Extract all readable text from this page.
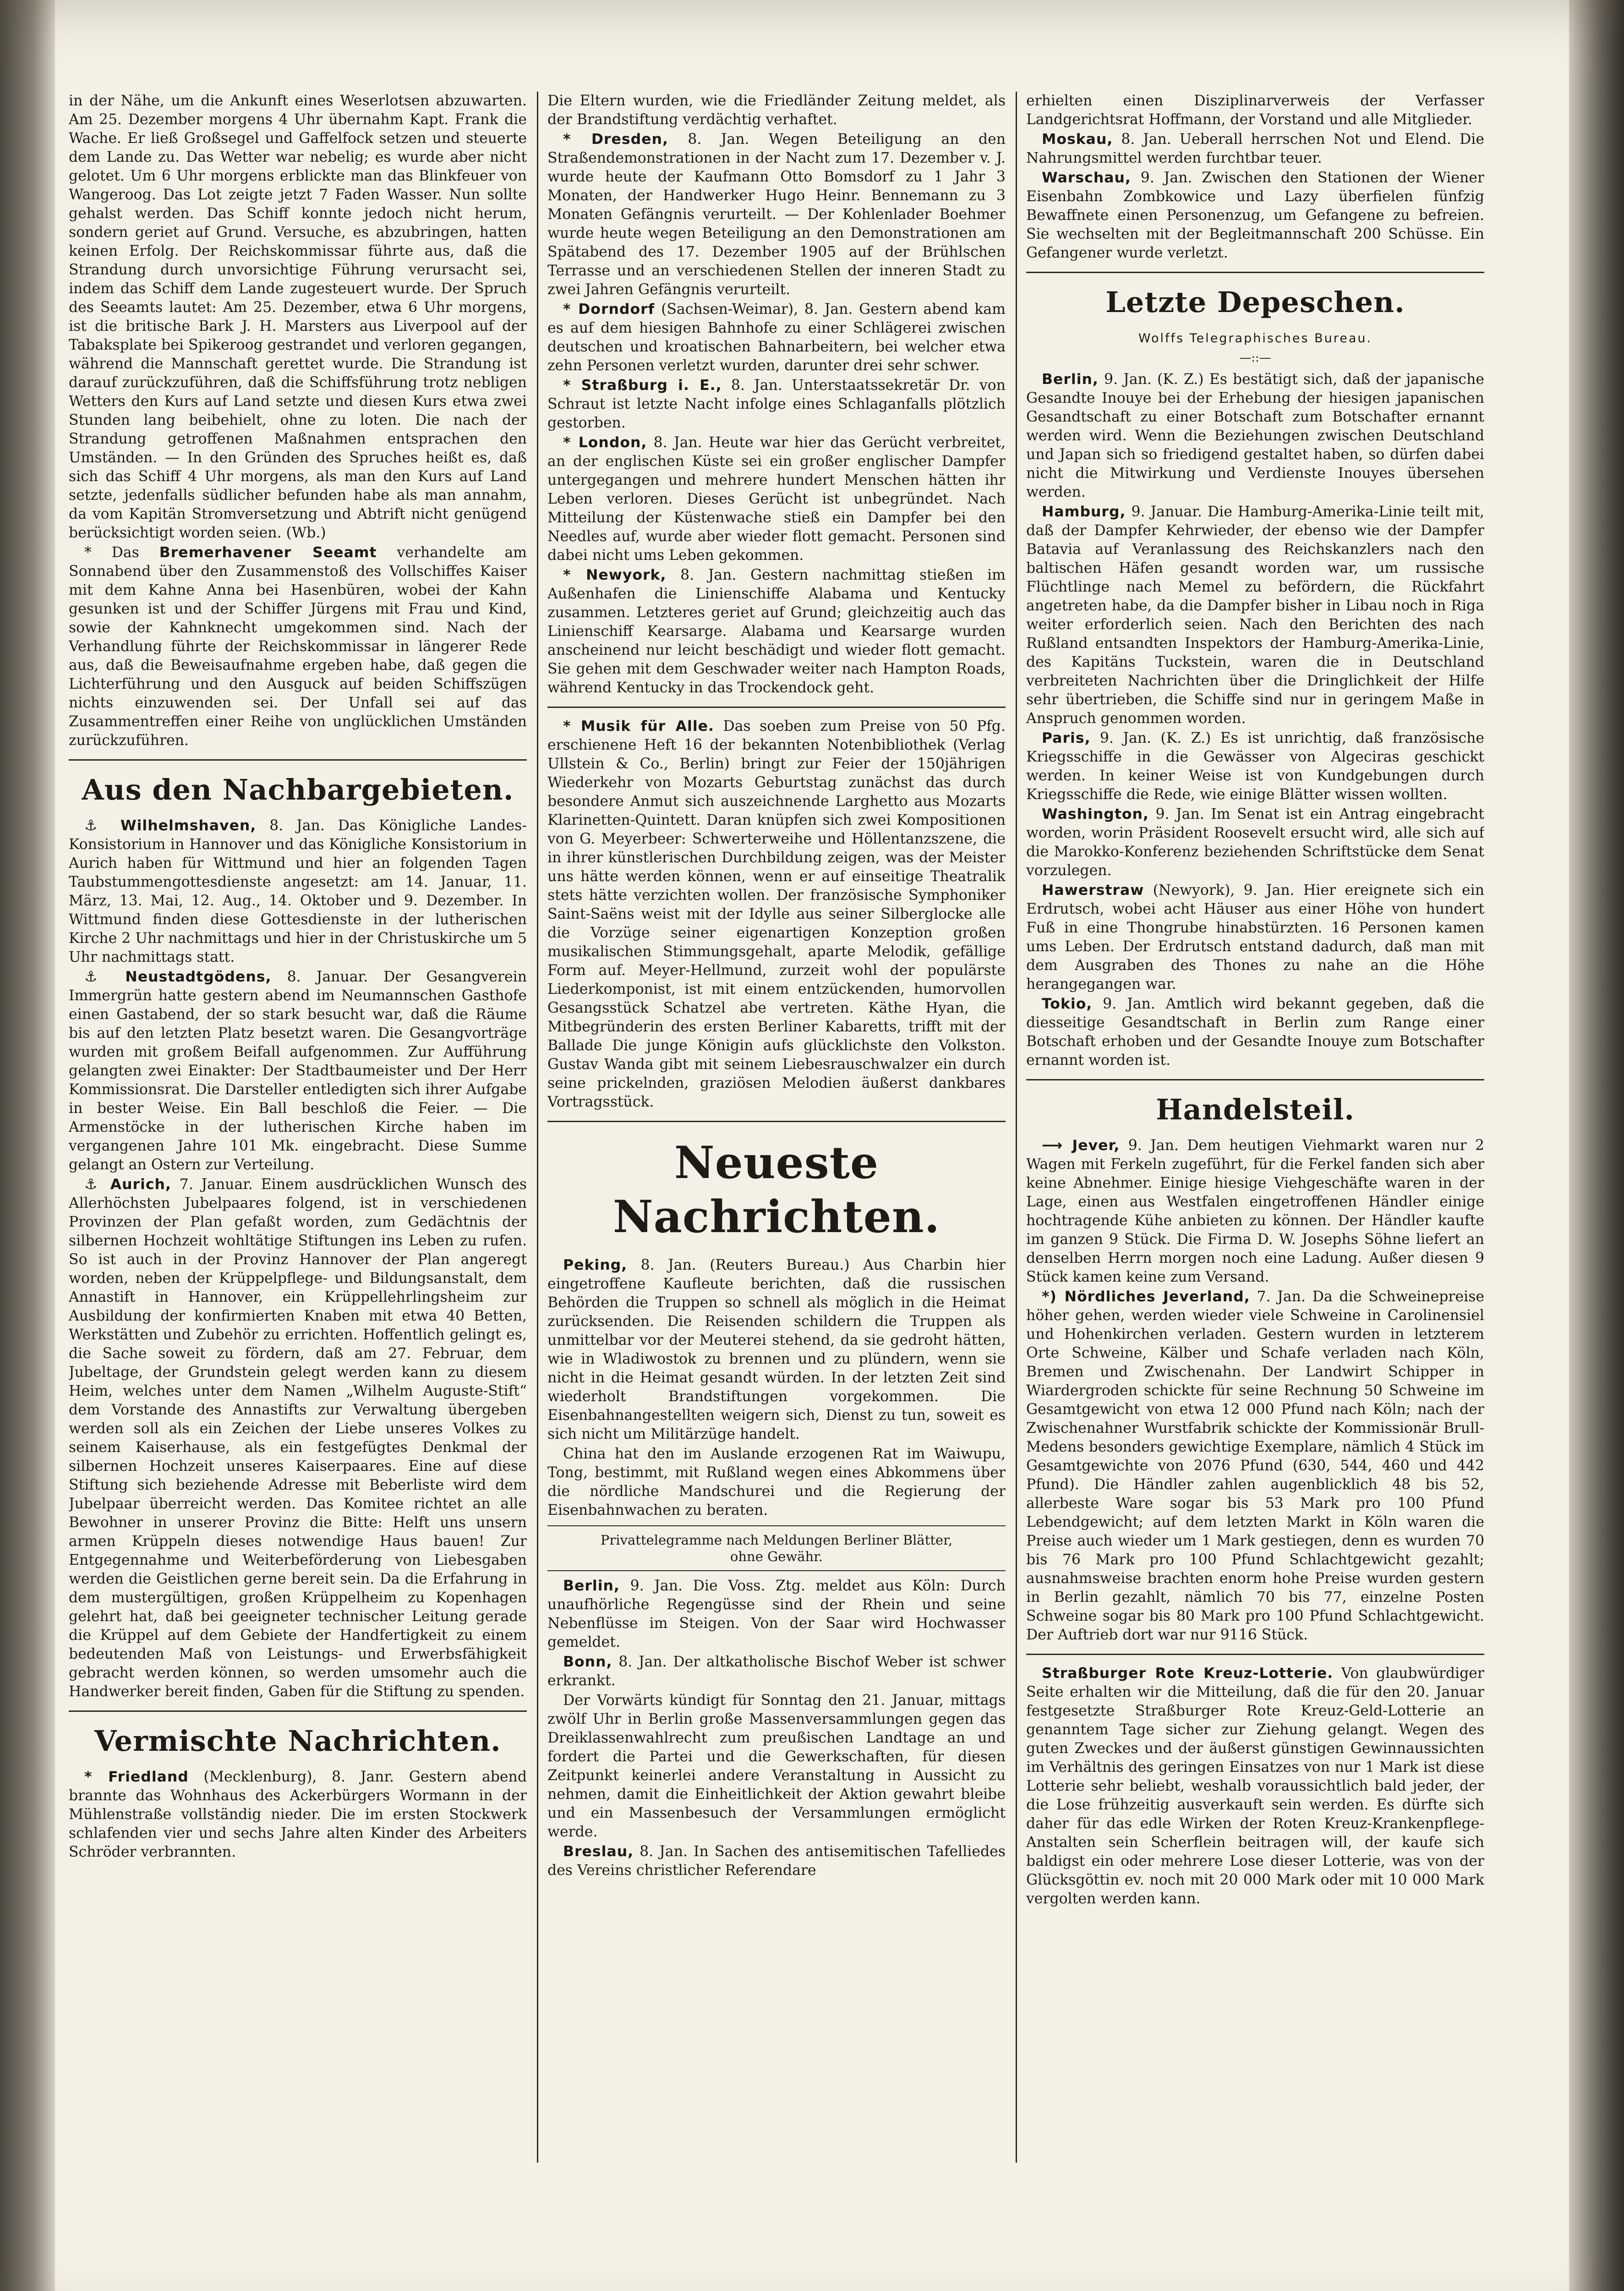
in der Nähe, um die Ankunft eines Weserlotsen abzuwarten. Am 25. Dezember morgens 4 Uhr übernahm Kapt. Frank die Wache. Er ließ Großsegel und Gaffelfock setzen und steuerte dem Lande zu. Das Wetter war nebelig; es wurde aber nicht gelotet. Um 6 Uhr morgens erblickte man das Blinkfeuer von Wangeroog. Das Lot zeigte jetzt 7 Faden Wasser. Nun sollte gehalst werden. Das Schiff konnte jedoch nicht herum, sondern geriet auf Grund. Versuche, es abzubringen, hatten keinen Erfolg. Der Reichskommissar führte aus, daß die Strandung durch unvorsichtige Führung verursacht sei, indem das Schiff dem Lande zugesteuert wurde. Der Spruch des Seeamts lautet: Am 25. Dezember, etwa 6 Uhr morgens, ist die britische Bark J. H. Marsters aus Liverpool auf der Tabaksplate bei Spikeroog gestrandet und verloren gegangen, während die Mannschaft gerettet wurde. Die Strandung ist darauf zurückzuführen, daß die Schiffsführung trotz nebligen Wetters den Kurs auf Land setzte und diesen Kurs etwa zwei Stunden lang beibehielt, ohne zu loten. Die nach der Strandung getroffenen Maßnahmen entsprachen den Umständen. — In den Gründen des Spruches heißt es, daß sich das Schiff 4 Uhr morgens, als man den Kurs auf Land setzte, jedenfalls südlicher befunden habe als man annahm, da vom Kapitän Stromversetzung und Abtrift nicht genügend berücksichtigt worden seien. (Wb.)

* Das Bremerhavener Seeamt verhandelte am Sonnabend über den Zusammenstoß des Vollschiffes Kaiser mit dem Kahne Anna bei Hasenbüren, wobei der Kahn gesunken ist und der Schiffer Jürgens mit Frau und Kind, sowie der Kahnknecht umgekommen sind. Nach der Verhandlung führte der Reichskommissar in längerer Rede aus, daß die Beweisaufnahme ergeben habe, daß gegen die Lichterführung und den Ausguck auf beiden Schiffszügen nichts einzuwenden sei. Der Unfall sei auf das Zusammentreffen einer Reihe von unglücklichen Umständen zurückzuführen.

Aus den Nachbargebieten.

⚓ Wilhelmshaven, 8. Jan. Das Königliche Landes-Konsistorium in Hannover und das Königliche Konsistorium in Aurich haben für Wittmund und hier an folgenden Tagen Taubstummengottesdienste angesetzt: am 14. Januar, 11. März, 13. Mai, 12. Aug., 14. Oktober und 9. Dezember. In Wittmund finden diese Gottesdienste in der lutherischen Kirche 2 Uhr nachmittags und hier in der Christuskirche um 5 Uhr nachmittags statt.

⚓ Neustadtgödens, 8. Januar. Der Gesangverein Immergrün hatte gestern abend im Neumannschen Gasthofe einen Gastabend, der so stark besucht war, daß die Räume bis auf den letzten Platz besetzt waren. Die Gesangvorträge wurden mit großem Beifall aufgenommen. Zur Aufführung gelangten zwei Einakter: Der Stadtbaumeister und Der Herr Kommissionsrat. Die Darsteller entledigten sich ihrer Aufgabe in bester Weise. Ein Ball beschloß die Feier. — Die Armenstöcke in der lutherischen Kirche haben im vergangenen Jahre 101 Mk. eingebracht. Diese Summe gelangt an Ostern zur Verteilung.

⚓ Aurich, 7. Januar. Einem ausdrücklichen Wunsch des Allerhöchsten Jubelpaares folgend, ist in verschiedenen Provinzen der Plan gefaßt worden, zum Gedächtnis der silbernen Hochzeit wohltätige Stiftungen ins Leben zu rufen. So ist auch in der Provinz Hannover der Plan angeregt worden, neben der Krüppelpflege- und Bildungsanstalt, dem Annastift in Hannover, ein Krüppellehrlingsheim zur Ausbildung der konfirmierten Knaben mit etwa 40 Betten, Werkstätten und Zubehör zu errichten. Hoffentlich gelingt es, die Sache soweit zu fördern, daß am 27. Februar, dem Jubeltage, der Grundstein gelegt werden kann zu diesem Heim, welches unter dem Namen „Wilhelm Auguste-Stift“ dem Vorstande des Annastifts zur Verwaltung übergeben werden soll als ein Zeichen der Liebe unseres Volkes zu seinem Kaiserhause, als ein festgefügtes Denkmal der silbernen Hochzeit unseres Kaiserpaares. Eine auf diese Stiftung sich beziehende Adresse mit Beberliste wird dem Jubelpaar überreicht werden. Das Komitee richtet an alle Bewohner in unserer Provinz die Bitte: Helft uns unsern armen Krüppeln dieses notwendige Haus bauen! Zur Entgegennahme und Weiterbeförderung von Liebesgaben werden die Geistlichen gerne bereit sein. Da die Erfahrung in dem mustergültigen, großen Krüppelheim zu Kopenhagen gelehrt hat, daß bei geeigneter technischer Leitung gerade die Krüppel auf dem Gebiete der Handfertigkeit zu einem bedeutenden Maß von Leistungs- und Erwerbsfähigkeit gebracht werden können, so werden umsomehr auch die Handwerker bereit finden, Gaben für die Stiftung zu spenden.

Vermischte Nachrichten.

* Friedland (Mecklenburg), 8. Janr. Gestern abend brannte das Wohnhaus des Ackerbürgers Wormann in der Mühlenstraße vollständig nieder. Die im ersten Stockwerk schlafenden vier und sechs Jahre alten Kinder des Arbeiters Schröder verbrannten.

Die Eltern wurden, wie die Friedländer Zeitung meldet, als der Brandstiftung verdächtig verhaftet.

* Dresden, 8. Jan. Wegen Beteiligung an den Straßendemonstrationen in der Nacht zum 17. Dezember v. J. wurde heute der Kaufmann Otto Bomsdorf zu 1 Jahr 3 Monaten, der Handwerker Hugo Heinr. Bennemann zu 3 Monaten Gefängnis verurteilt. — Der Kohlenlader Boehmer wurde heute wegen Beteiligung an den Demonstrationen am Spätabend des 17. Dezember 1905 auf der Brühlschen Terrasse und an verschiedenen Stellen der inneren Stadt zu zwei Jahren Gefängnis verurteilt.

* Dorndorf (Sachsen-Weimar), 8. Jan. Gestern abend kam es auf dem hiesigen Bahnhofe zu einer Schlägerei zwischen deutschen und kroatischen Bahnarbeitern, bei welcher etwa zehn Personen verletzt wurden, darunter drei sehr schwer.

* Straßburg i. E., 8. Jan. Unterstaatssekretär Dr. von Schraut ist letzte Nacht infolge eines Schlaganfalls plötzlich gestorben.

* London, 8. Jan. Heute war hier das Gerücht verbreitet, an der englischen Küste sei ein großer englischer Dampfer untergegangen und mehrere hundert Menschen hätten ihr Leben verloren. Dieses Gerücht ist unbegründet. Nach Mitteilung der Küstenwache stieß ein Dampfer bei den Needles auf, wurde aber wieder flott gemacht. Personen sind dabei nicht ums Leben gekommen.

* Newyork, 8. Jan. Gestern nachmittag stießen im Außenhafen die Linienschiffe Alabama und Kentucky zusammen. Letzteres geriet auf Grund; gleichzeitig auch das Linienschiff Kearsarge. Alabama und Kearsarge wurden anscheinend nur leicht beschädigt und wieder flott gemacht. Sie gehen mit dem Geschwader weiter nach Hampton Roads, während Kentucky in das Trockendock geht.

* Musik für Alle. Das soeben zum Preise von 50 Pfg. erschienene Heft 16 der bekannten Notenbibliothek (Verlag Ullstein & Co., Berlin) bringt zur Feier der 150jährigen Wiederkehr von Mozarts Geburtstag zunächst das durch besondere Anmut sich auszeichnende Larghetto aus Mozarts Klarinetten-Quintett. Daran knüpfen sich zwei Kompositionen von G. Meyerbeer: Schwerterweihe und Höllentanzszene, die in ihrer künstlerischen Durchbildung zeigen, was der Meister uns hätte werden können, wenn er auf einseitige Theatralik stets hätte verzichten wollen. Der französische Symphoniker Saint-Saëns weist mit der Idylle aus seiner Silberglocke alle die Vorzüge seiner eigenartigen Konzeption großen musikalischen Stimmungsgehalt, aparte Melodik, gefällige Form auf. Meyer-Hellmund, zurzeit wohl der populärste Liederkomponist, ist mit einem entzückenden, humorvollen Gesangsstück Schatzel abe vertreten. Käthe Hyan, die Mitbegründerin des ersten Berliner Kabaretts, trifft mit der Ballade Die junge Königin aufs glücklichste den Volkston. Gustav Wanda gibt mit seinem Liebesrauschwalzer ein durch seine prickelnden, graziösen Melodien äußerst dankbares Vortragsstück.

Neueste Nachrichten.

Peking, 8. Jan. (Reuters Bureau.) Aus Charbin hier eingetroffene Kaufleute berichten, daß die russischen Behörden die Truppen so schnell als möglich in die Heimat zurücksenden. Die Reisenden schildern die Truppen als unmittelbar vor der Meuterei stehend, da sie gedroht hätten, wie in Wladiwostok zu brennen und zu plündern, wenn sie nicht in die Heimat gesandt würden. In der letzten Zeit sind wiederholt Brandstiftungen vorgekommen. Die Eisenbahnangestellten weigern sich, Dienst zu tun, soweit es sich nicht um Militärzüge handelt.

China hat den im Auslande erzogenen Rat im Waiwupu, Tong, bestimmt, mit Rußland wegen eines Abkommens über die nördliche Mandschurei und die Regierung der Eisenbahnwachen zu beraten.

Privattelegramme nach Meldungen Berliner Blätter,
ohne Gewähr.

Berlin, 9. Jan. Die Voss. Ztg. meldet aus Köln: Durch unaufhörliche Regengüsse sind der Rhein und seine Nebenflüsse im Steigen. Von der Saar wird Hochwasser gemeldet.

Bonn, 8. Jan. Der altkatholische Bischof Weber ist schwer erkrankt.

Der Vorwärts kündigt für Sonntag den 21. Januar, mittags zwölf Uhr in Berlin große Massenversammlungen gegen das Dreiklassenwahlrecht zum preußischen Landtage an und fordert die Partei und die Gewerkschaften, für diesen Zeitpunkt keinerlei andere Veranstaltung in Aussicht zu nehmen, damit die Einheitlichkeit der Aktion gewahrt bleibe und ein Massenbesuch der Versammlungen ermöglicht werde.

Breslau, 8. Jan. In Sachen des antisemitischen Tafelliedes des Vereins christlicher Referendare

erhielten einen Disziplinarverweis der Verfasser Landgerichtsrat Hoffmann, der Vorstand und alle Mitglieder.

Moskau, 8. Jan. Ueberall herrschen Not und Elend. Die Nahrungsmittel werden furchtbar teuer.

Warschau, 9. Jan. Zwischen den Stationen der Wiener Eisenbahn Zombkowice und Lazy überfielen fünfzig Bewaffnete einen Personenzug, um Gefangene zu befreien. Sie wechselten mit der Begleitmannschaft 200 Schüsse. Ein Gefangener wurde verletzt.

Letzte Depeschen.
Wolffs Telegraphisches Bureau.
—::—

Berlin, 9. Jan. (K. Z.) Es bestätigt sich, daß der japanische Gesandte Inouye bei der Erhebung der hiesigen japanischen Gesandtschaft zu einer Botschaft zum Botschafter ernannt werden wird. Wenn die Beziehungen zwischen Deutschland und Japan sich so friedigend gestaltet haben, so dürfen dabei nicht die Mitwirkung und Verdienste Inouyes übersehen werden.

Hamburg, 9. Januar. Die Hamburg-Amerika-Linie teilt mit, daß der Dampfer Kehrwieder, der ebenso wie der Dampfer Batavia auf Veranlassung des Reichskanzlers nach den baltischen Häfen gesandt worden war, um russische Flüchtlinge nach Memel zu befördern, die Rückfahrt angetreten habe, da die Dampfer bisher in Libau noch in Riga weiter erforderlich seien. Nach den Berichten des nach Rußland entsandten Inspektors der Hamburg-Amerika-Linie, des Kapitäns Tuckstein, waren die in Deutschland verbreiteten Nachrichten über die Dringlichkeit der Hilfe sehr übertrieben, die Schiffe sind nur in geringem Maße in Anspruch genommen worden.

Paris, 9. Jan. (K. Z.) Es ist unrichtig, daß französische Kriegsschiffe in die Gewässer von Algeciras geschickt werden. In keiner Weise ist von Kundgebungen durch Kriegsschiffe die Rede, wie einige Blätter wissen wollten.

Washington, 9. Jan. Im Senat ist ein Antrag eingebracht worden, worin Präsident Roosevelt ersucht wird, alle sich auf die Marokko-Konferenz beziehenden Schriftstücke dem Senat vorzulegen.

Hawerstraw (Newyork), 9. Jan. Hier ereignete sich ein Erdrutsch, wobei acht Häuser aus einer Höhe von hundert Fuß in eine Thongrube hinabstürzten. 16 Personen kamen ums Leben. Der Erdrutsch entstand dadurch, daß man mit dem Ausgraben des Thones zu nahe an die Höhe herangegangen war.

Tokio, 9. Jan. Amtlich wird bekannt gegeben, daß die diesseitige Gesandtschaft in Berlin zum Range einer Botschaft erhoben und der Gesandte Inouye zum Botschafter ernannt worden ist.

Handelsteil.

⟶ Jever, 9. Jan. Dem heutigen Viehmarkt waren nur 2 Wagen mit Ferkeln zugeführt, für die Ferkel fanden sich aber keine Abnehmer. Einige hiesige Viehgeschäfte waren in der Lage, einen aus Westfalen eingetroffenen Händler einige hochtragende Kühe anbieten zu können. Der Händler kaufte im ganzen 9 Stück. Die Firma D. W. Josephs Söhne liefert an denselben Herrn morgen noch eine Ladung. Außer diesen 9 Stück kamen keine zum Versand.

*) Nördliches Jeverland, 7. Jan. Da die Schweinepreise höher gehen, werden wieder viele Schweine in Carolinensiel und Hohenkirchen verladen. Gestern wurden in letzterem Orte Schweine, Kälber und Schafe verladen nach Köln, Bremen und Zwischenahn. Der Landwirt Schipper in Wiardergroden schickte für seine Rechnung 50 Schweine im Gesamtgewicht von etwa 12 000 Pfund nach Köln; nach der Zwischenahner Wurstfabrik schickte der Kommissionär Brull-Medens besonders gewichtige Exemplare, nämlich 4 Stück im Gesamtgewichte von 2076 Pfund (630, 544, 460 und 442 Pfund). Die Händler zahlen augenblicklich 48 bis 52, allerbeste Ware sogar bis 53 Mark pro 100 Pfund Lebendgewicht; auf dem letzten Markt in Köln waren die Preise auch wieder um 1 Mark gestiegen, denn es wurden 70 bis 76 Mark pro 100 Pfund Schlachtgewicht gezahlt; ausnahmsweise brachten enorm hohe Preise wurden gestern in Berlin gezahlt, nämlich 70 bis 77, einzelne Posten Schweine sogar bis 80 Mark pro 100 Pfund Schlachtgewicht. Der Auftrieb dort war nur 9116 Stück.

Straßburger Rote Kreuz-Lotterie. Von glaubwürdiger Seite erhalten wir die Mitteilung, daß die für den 20. Januar festgesetzte Straßburger Rote Kreuz-Geld-Lotterie an genanntem Tage sicher zur Ziehung gelangt. Wegen des guten Zweckes und der äußerst günstigen Gewinnaussichten im Verhältnis des geringen Einsatzes von nur 1 Mark ist diese Lotterie sehr beliebt, weshalb voraussichtlich bald jeder, der die Lose frühzeitig ausverkauft sein werden. Es dürfte sich daher für das edle Wirken der Roten Kreuz-Krankenpflege-Anstalten sein Scherflein beitragen will, der kaufe sich baldigst ein oder mehrere Lose dieser Lotterie, was von der Glücksgöttin ev. noch mit 20 000 Mark oder mit 10 000 Mark vergolten werden kann.
